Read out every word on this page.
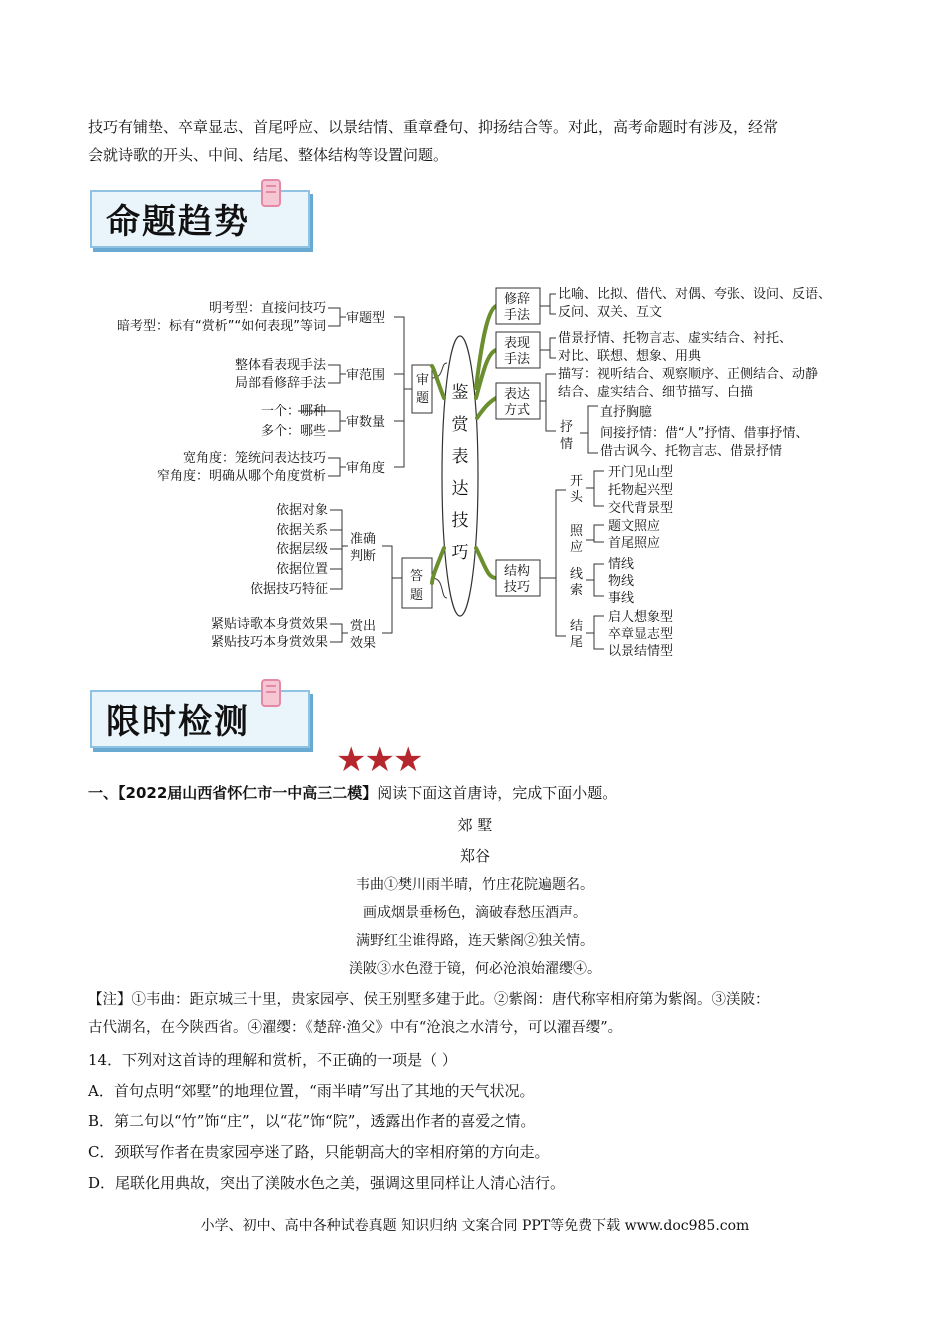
技巧有铺垫、卒章显志、首尾呼应、以景结情、重章叠句、抑扬结合等。对此，高考命题时有涉及，经常
会就诗歌的开头、中间、结尾、整体结构等设置问题。
命题趋势
明考型：直接问技巧
暗考型：标有“赏析”“如何表现”等词
审题型
整体看表现手法
局部看修辞手法
审范围
一个：哪种
多个：哪些
审数量
宽角度：笼统问表达技巧
窄角度：明确从哪个角度赏析
审角度
依据对象
依据关系
依据层级
依据位置
依据技巧特征
准确
判断
紧贴诗歌本身赏效果
紧贴技巧本身赏效果
赏出
效果
审
题
答
题
鉴
赏
表
达
技
巧
修辞
手法
表现
手法
表达
方式
结构
技巧
比喻、比拟、借代、对偶、夸张、设问、反语、
反问、双关、互文
借景抒情、托物言志、虚实结合、衬托、
对比、联想、想象、用典
描写：视听结合、观察顺序、正侧结合、动静
结合、虚实结合、细节描写、白描
抒
情
直抒胸臆
间接抒情：借“人”抒情、借事抒情、
借古讽今、托物言志、借景抒情
开
头
开门见山型
托物起兴型
交代背景型
照
应
题文照应
首尾照应
线
索
情线
物线
事线
结
尾
启人想象型
卒章显志型
以景结情型
限时检测
★★★
一、【2022届山西省怀仁市一中高三二模】阅读下面这首唐诗，完成下面小题。
郊 墅
郑谷
韦曲①樊川雨半晴，竹庄花院遍题名。
画成烟景垂杨色，滴破春愁压酒声。
满野红尘谁得路，连天紫阁②独关情。
渼陂③水色澄于镜，何必沧浪始濯缨④。
【注】①韦曲：距京城三十里，贵家园亭、侯王别墅多建于此。②紫阁：唐代称宰相府第为紫阁。③渼陂：
古代湖名，在今陕西省。④濯缨：《楚辞·渔父》中有“沧浪之水清兮，可以濯吾缨”。
14．下列对这首诗的理解和赏析，不正确的一项是（ ）
A．首句点明“郊墅”的地理位置，“雨半晴”写出了其地的天气状况。
B．第二句以“竹”饰“庄”，以“花”饰“院”，透露出作者的喜爱之情。
C．颈联写作者在贵家园亭迷了路，只能朝高大的宰相府第的方向走。
D．尾联化用典故，突出了渼陂水色之美，强调这里同样让人清心洁行。
小学、初中、高中各种试卷真题 知识归纳 文案合同 PPT等免费下载 www.doc985.com
